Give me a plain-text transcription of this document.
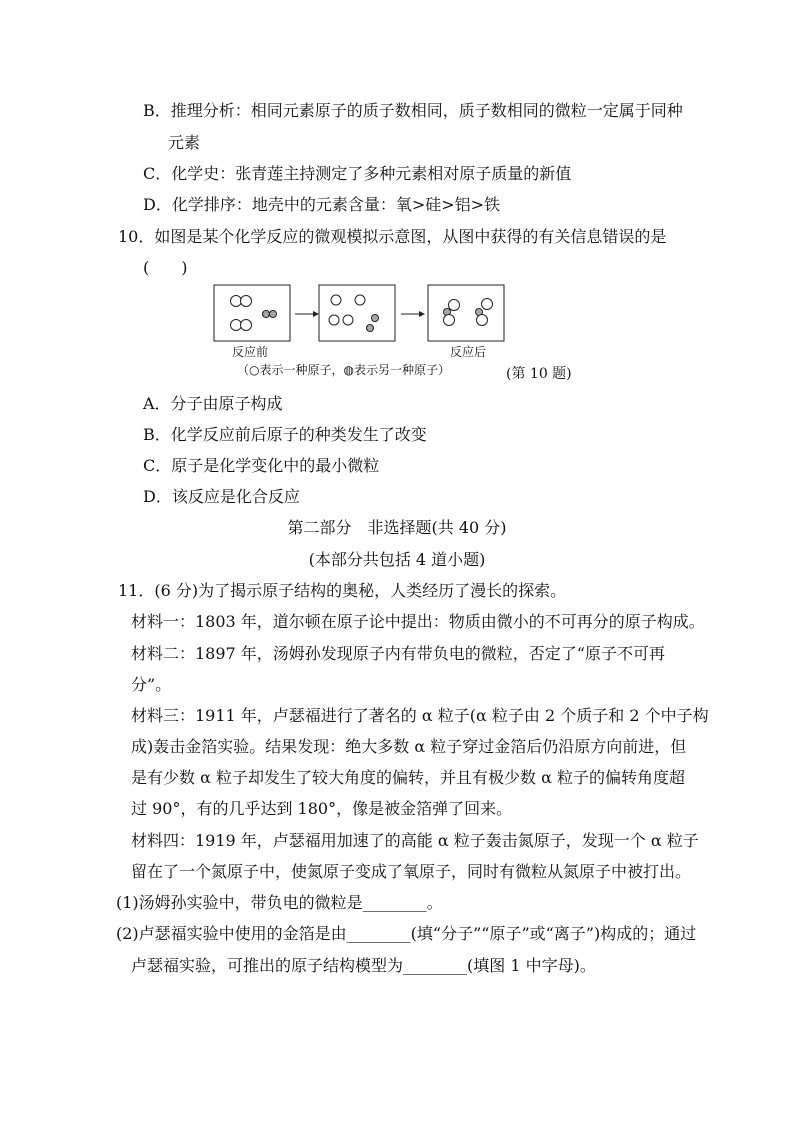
B．推理分析：相同元素原子的质子数相同，质子数相同的微粒一定属于同种
元素
C．化学史：张青莲主持测定了多种元素相对原子质量的新值
D．化学排序：地壳中的元素含量：氧>硅>铝>铁
10．如图是某个化学反应的微观模拟示意图，从图中获得的有关信息错误的是
(　　)
反应前	反应后
（○表示一种原子，◍表示另一种原子）	(第 10 题)
A．分子由原子构成
B．化学反应前后原子的种类发生了改变
C．原子是化学变化中的最小微粒
D．该反应是化合反应
第二部分　非选择题(共 40 分)
(本部分共包括 4 道小题)
11．(6 分)为了揭示原子结构的奥秘，人类经历了漫长的探索。
材料一：1803 年，道尔顿在原子论中提出：物质由微小的不可再分的原子构成。
材料二：1897 年，汤姆孙发现原子内有带负电的微粒，否定了“原子不可再
分”。
材料三：1911 年，卢瑟福进行了著名的 α 粒子(α 粒子由 2 个质子和 2 个中子构
成)轰击金箔实验。结果发现：绝大多数 α 粒子穿过金箔后仍沿原方向前进，但
是有少数 α 粒子却发生了较大角度的偏转，并且有极少数 α 粒子的偏转角度超
过 90°，有的几乎达到 180°，像是被金箔弹了回来。
材料四：1919 年，卢瑟福用加速了的高能 α 粒子轰击氮原子，发现一个 α 粒子
留在了一个氮原子中，使氮原子变成了氧原子，同时有微粒从氮原子中被打出。
(1)汤姆孙实验中，带负电的微粒是________。
(2)卢瑟福实验中使用的金箔是由________(填“分子”“原子”或“离子”)构成的；通过
卢瑟福实验，可推出的原子结构模型为________(填图 1 中字母)。
